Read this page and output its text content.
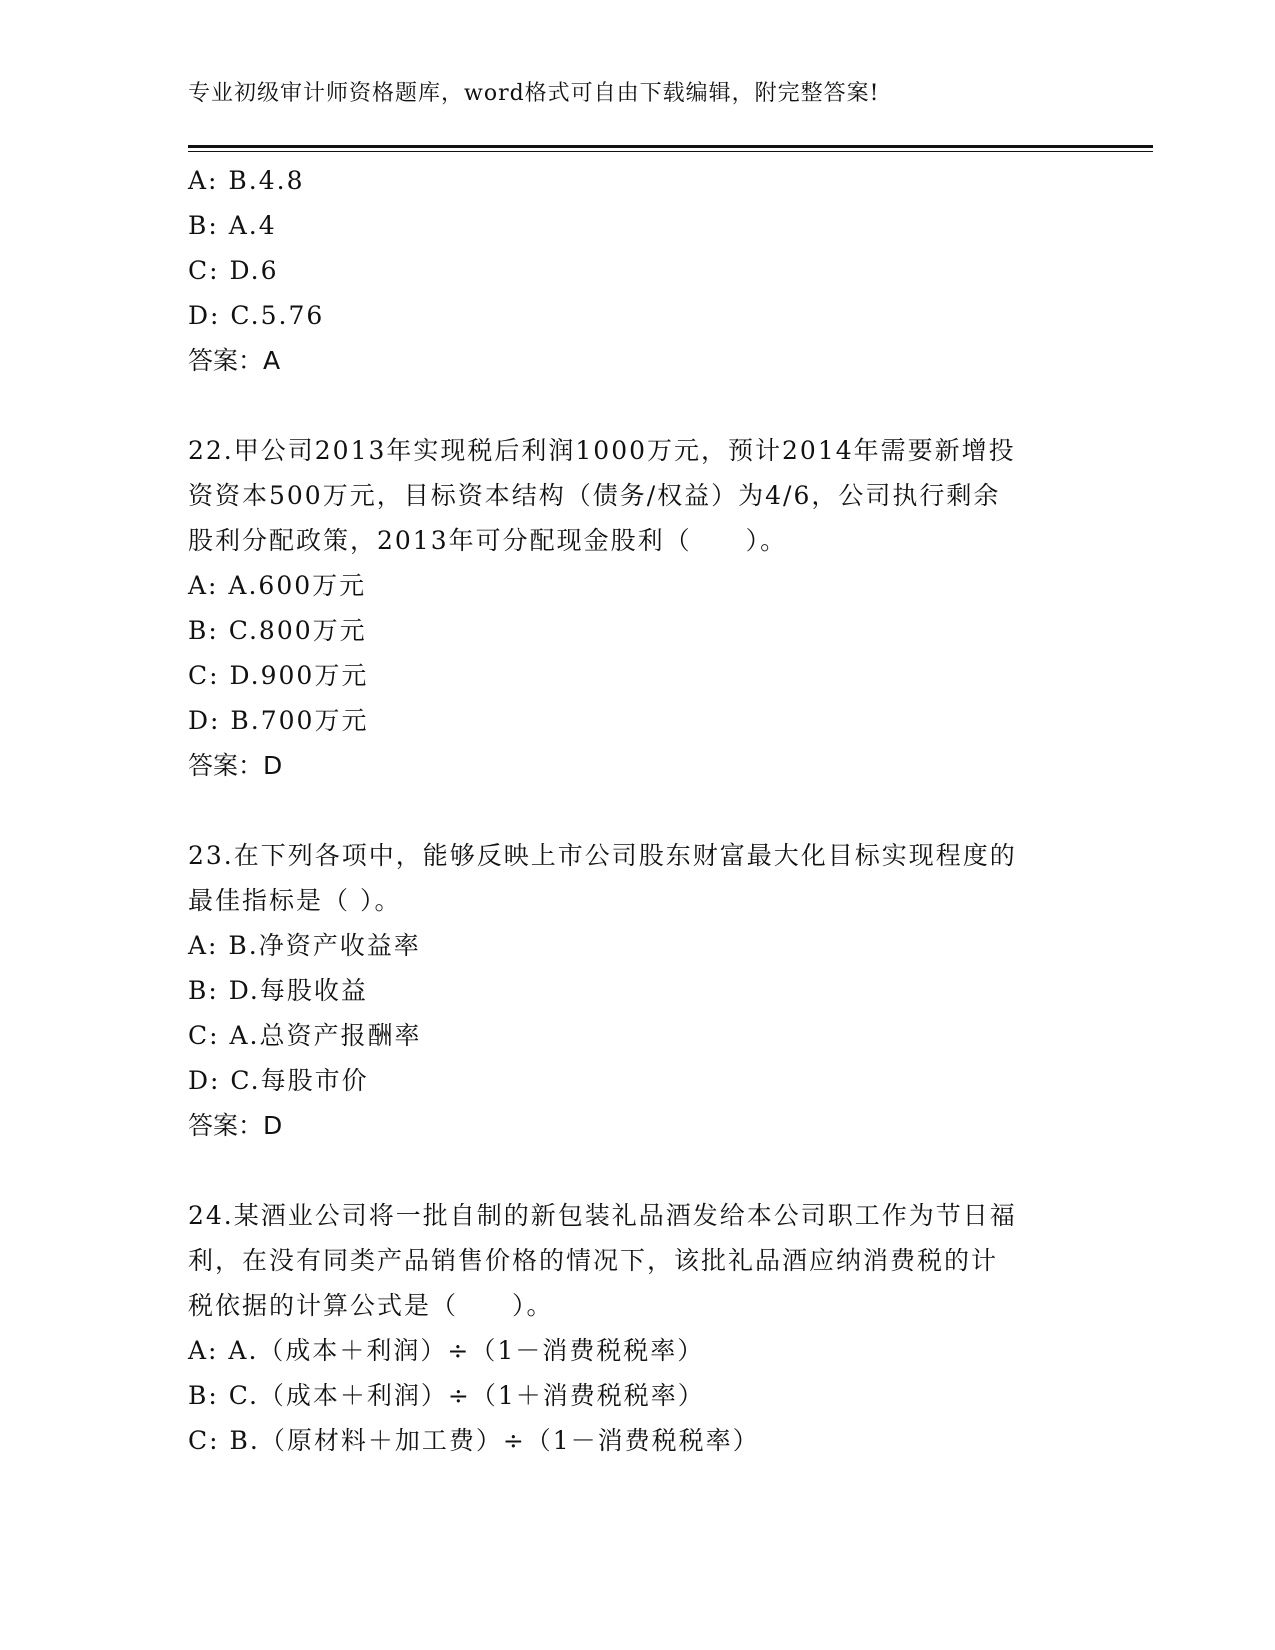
专业初级审计师资格题库，word格式可自由下载编辑，附完整答案!
A: B.4.8
B: A.4
C: D.6
D: C.5.76
答案：A
22.甲公司2013年实现税后利润1000万元，预计2014年需要新增投
资资本500万元，目标资本结构（债务/权益）为4/6，公司执行剩余
股利分配政策，2013年可分配现金股利（　　）。
A: A.600万元
B: C.800万元
C: D.900万元
D: B.700万元
答案：D
23.在下列各项中，能够反映上市公司股东财富最大化目标实现程度的
最佳指标是（ ）。
A: B.净资产收益率
B: D.每股收益
C: A.总资产报酬率
D: C.每股市价
答案：D
24.某酒业公司将一批自制的新包装礼品酒发给本公司职工作为节日福
利，在没有同类产品销售价格的情况下，该批礼品酒应纳消费税的计
税依据的计算公式是（　　）。
A: A.（成本＋利润）÷（1－消费税税率）
B: C.（成本＋利润）÷（1＋消费税税率）
C: B.（原材料＋加工费）÷（1－消费税税率）
